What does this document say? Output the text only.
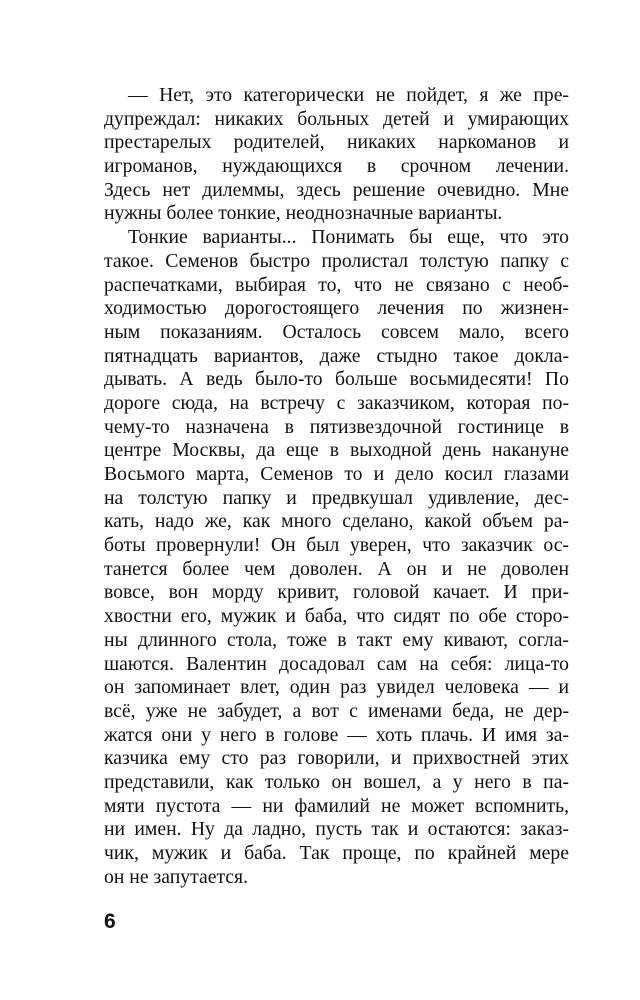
— Нет, это категорически не пойдет, я же пре-
дупреждал: никаких больных детей и умирающих
престарелых родителей, никаких наркоманов и
игроманов, нуждающихся в срочном лечении.
Здесь нет дилеммы, здесь решение очевидно. Мне
нужны более тонкие, неоднозначные варианты.
Тонкие варианты... Понимать бы еще, что это
такое. Семенов быстро пролистал толстую папку с
распечатками, выбирая то, что не связано с необ-
ходимостью дорогостоящего лечения по жизнен-
ным показаниям. Осталось совсем мало, всего
пятнадцать вариантов, даже стыдно такое докла-
дывать. А ведь было-то больше восьмидесяти! По
дороге сюда, на встречу с заказчиком, которая по-
чему-то назначена в пятизвездочной гостинице в
центре Москвы, да еще в выходной день накануне
Восьмого марта, Семенов то и дело косил глазами
на толстую папку и предвкушал удивление, дес-
кать, надо же, как много сделано, какой объем ра-
боты провернули! Он был уверен, что заказчик ос-
танется более чем доволен. А он и не доволен
вовсе, вон морду кривит, головой качает. И при-
хвостни его, мужик и баба, что сидят по обе сторо-
ны длинного стола, тоже в такт ему кивают, согла-
шаются. Валентин досадовал сам на себя: лица-то
он запоминает влет, один раз увидел человека — и
всё, уже не забудет, а вот с именами беда, не дер-
жатся они у него в голове — хоть плачь. И имя за-
казчика ему сто раз говорили, и прихвостней этих
представили, как только он вошел, а у него в па-
мяти пустота — ни фамилий не может вспомнить,
ни имен. Ну да ладно, пусть так и остаются: заказ-
чик, мужик и баба. Так проще, по крайней мере
он не запутается.
6
